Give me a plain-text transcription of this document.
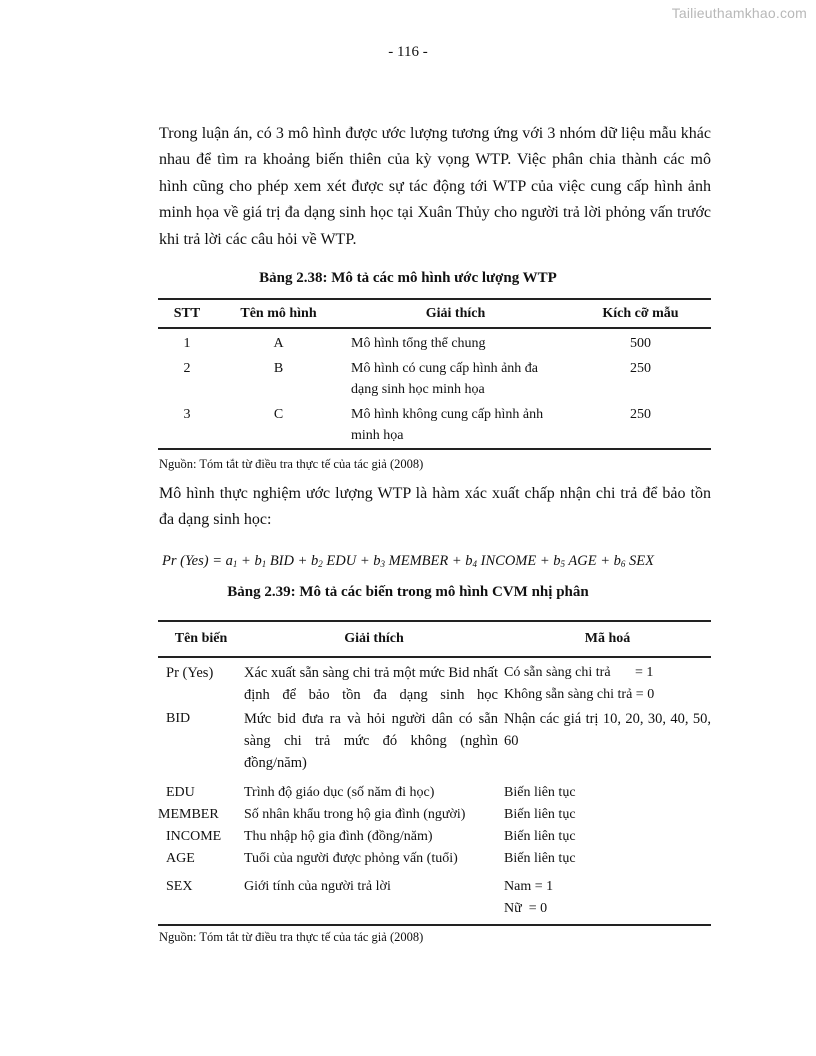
Tailieuthamkhao.com
- 116 -
Trong luận án, có 3 mô hình được ước lượng tương ứng với 3 nhóm dữ liệu mẫu khác nhau để tìm ra khoảng biến thiên của kỳ vọng WTP. Việc phân chia thành các mô hình cũng cho phép xem xét được sự tác động tới WTP của việc cung cấp hình ảnh minh họa về giá trị đa dạng sinh học tại Xuân Thủy cho người trả lời phỏng vấn trước khi trả lời các câu hỏi về WTP.
Bảng 2.38: Mô tả các mô hình ước lượng WTP
STT	Tên mô hình	Giải thích	Kích cỡ mẫu
1	A	Mô hình tổng thể chung	500
2	B	Mô hình có cung cấp hình ảnh đa dạng sinh học minh họa	250
3	C	Mô hình không cung cấp hình ảnh minh họa	250
Nguồn: Tóm tắt từ điều tra thực tế của tác giả (2008)
Mô hình thực nghiệm ước lượng WTP là hàm xác xuất chấp nhận chi trả để bảo tồn đa dạng sinh học:
Pr $(Yes) = a_1 + b_1$ BID + $b_2$ EDU + $b_3$ MEMBER + $b_4$ INCOME + $b_5$ AGE + $b_6$ SEX
Bảng 2.39: Mô tả các biến trong mô hình CVM nhị phân
Tên biến	Giải thích	Mã hoá
Pr (Yes)	Xác xuất sẵn sàng chi trả một mức Bid nhất định để bảo tồn đa dạng sinh học	Có sẵn sàng chi trả       = 1
Không sẵn sàng chi trả = 0

BID	Mức bid đưa ra và hỏi người dân có sẵn sàng chi trả mức đó không (nghìn đồng/năm)	Nhận các giá trị 10, 20, 30, 40, 50, 60

EDU	Trình độ giáo dục (số năm đi học)	Biến liên tục
MEMBER	Số nhân khẩu trong hộ gia đình (người)	Biến liên tục
INCOME	Thu nhập hộ gia đình (đồng/năm)	Biến liên tục
AGE	Tuổi của người được phỏng vấn (tuổi)	Biến liên tục
SEX	Giới tính của người trả lời	Nam = 1
Nữ  = 0
Nguồn: Tóm tắt từ điều tra thực tế của tác giả (2008)
